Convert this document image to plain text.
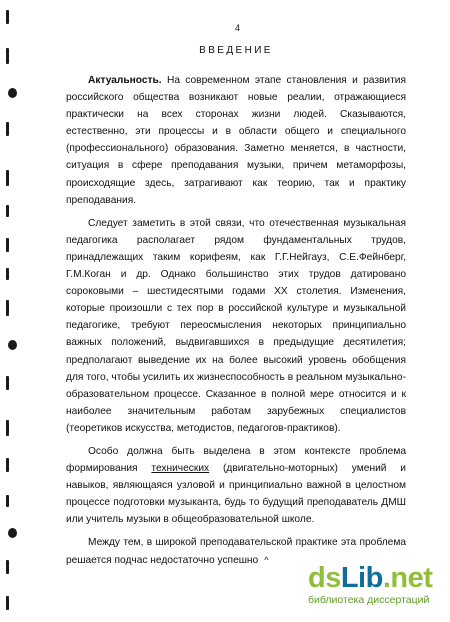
4
ВВЕДЕНИЕ

Актуальность. На современном этапе становления и развития российского общества возникают новые реалии, отражающиеся практически на всех сторонах жизни людей. Сказываются, естественно, эти процессы и в области общего и специального (профессионального) образования. Заметно меняется, в частности, ситуация в сфере преподавания музыки, причем метаморфозы, происходящие здесь, затрагивают как теорию, так и практику преподавания.

Следует заметить в этой связи, что отечественная музыкальная педагогика располагает рядом фундаментальных трудов, принадлежащих таким корифеям, как Г.Г.Нейгауз, С.Е.Фейнберг, Г.М.Коган и др. Однако большинство этих трудов датировано сороковыми – шестидесятыми годами XX столетия. Изменения, которые произошли с тех пор в российской культуре и музыкальной педагогике, требуют переосмысления некоторых принципиально важных положений, выдвигавшихся в предыдущие десятилетия; предполагают выведение их на более высокий уровень обобщения для того, чтобы усилить их жизнеспособность в реальном музыкально-образовательном процессе. Сказанное в полной мере относится и к наиболее значительным работам зарубежных специалистов (теоретиков искусства, методистов, педагогов-практиков).

Особо должна быть выделена в этом контексте проблема формирования технических (двигательно-моторных) умений и навыков, являющаяся узловой и принципиально важной в целостном процессе подготовки музыканта, будь то будущий преподаватель ДМШ или учитель музыки в общеобразовательной школе.

Между тем, в широкой преподавательской практике эта проблема решается подчас недостаточно успешно ^

dsLib.net
библиотека диссертаций
